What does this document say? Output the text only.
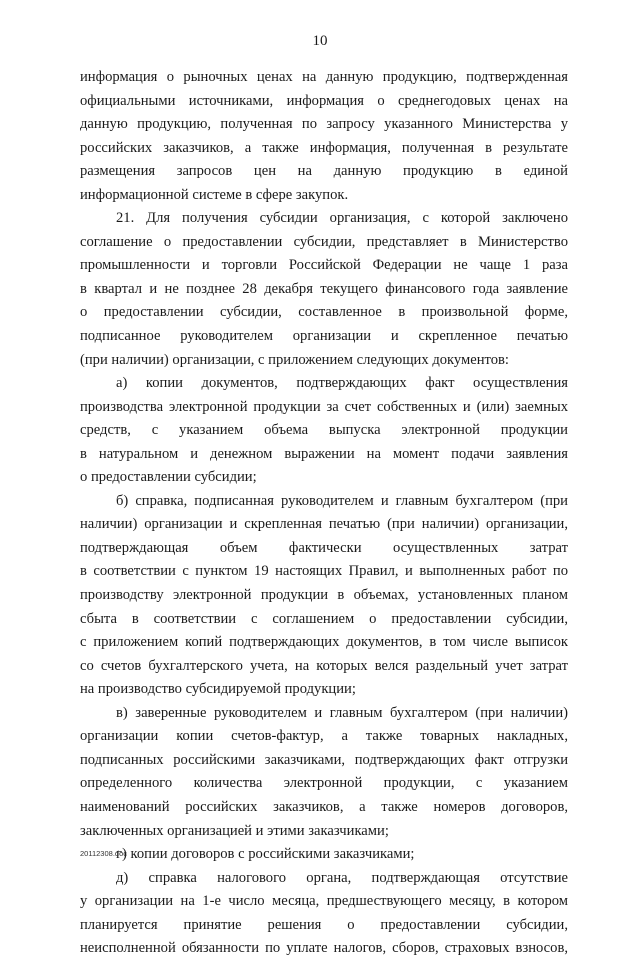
10
информация о рыночных ценах на данную продукцию, подтвержденная
официальными источниками, информация о среднегодовых ценах на
данную продукцию, полученная по запросу указанного Министерства у
российских заказчиков, а также информация, полученная в результате
размещения запросов цен на данную продукцию в единой
информационной системе в сфере закупок.
21. Для получения субсидии организация, с которой заключено
соглашение о предоставлении субсидии, представляет в Министерство
промышленности и торговли Российской Федерации не чаще 1 раза
в квартал и не позднее 28 декабря текущего финансового года заявление
о предоставлении субсидии, составленное в произвольной форме,
подписанное руководителем организации и скрепленное печатью
(при наличии) организации, с приложением следующих документов:
а) копии документов, подтверждающих факт осуществления
производства электронной продукции за счет собственных и (или) заемных
средств, с указанием объема выпуска электронной продукции
в натуральном и денежном выражении на момент подачи заявления
о предоставлении субсидии;
б) справка, подписанная руководителем и главным бухгалтером (при
наличии) организации и скрепленная печатью (при наличии) организации,
подтверждающая объем фактически осуществленных затрат
в соответствии с пунктом 19 настоящих Правил, и выполненных работ по
производству электронной продукции в объемах, установленных планом
сбыта в соответствии с соглашением о предоставлении субсидии,
с приложением копий подтверждающих документов, в том числе выписок
со счетов бухгалтерского учета, на которых велся раздельный учет затрат
на производство субсидируемой продукции;
в) заверенные руководителем и главным бухгалтером (при наличии)
организации копии счетов-фактур, а также товарных накладных,
подписанных российскими заказчиками, подтверждающих факт отгрузки
определенного количества электронной продукции, с указанием
наименований российских заказчиков, а также номеров договоров,
заключенных организацией и этими заказчиками;
г) копии договоров с российскими заказчиками;
д) справка налогового органа, подтверждающая отсутствие
у организации на 1-е число месяца, предшествующего месяцу, в котором
планируется принятие решения о предоставлении субсидии,
неисполненной обязанности по уплате налогов, сборов, страховых взносов,
20112308.doc
